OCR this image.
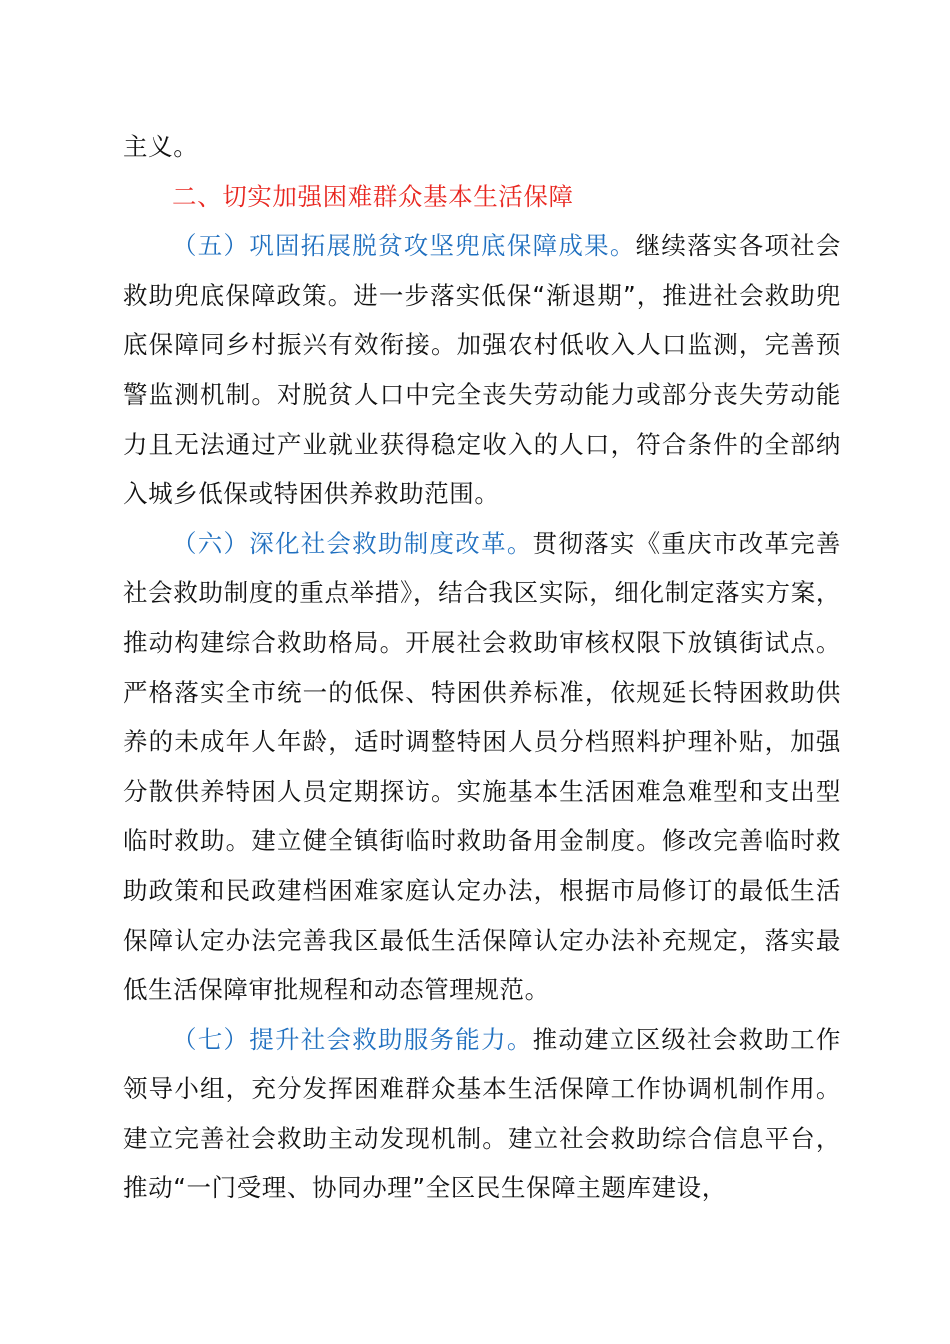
主义。

二、切实加强困难群众基本生活保障

（五）巩固拓展脱贫攻坚兜底保障成果。继续落实各项社会救助兜底保障政策。进一步落实低保“渐退期”，推进社会救助兜底保障同乡村振兴有效衔接。加强农村低收入人口监测，完善预警监测机制。对脱贫人口中完全丧失劳动能力或部分丧失劳动能力且无法通过产业就业获得稳定收入的人口，符合条件的全部纳入城乡低保或特困供养救助范围。

（六）深化社会救助制度改革。贯彻落实《重庆市改革完善社会救助制度的重点举措》，结合我区实际，细化制定落实方案，推动构建综合救助格局。开展社会救助审核权限下放镇街试点。严格落实全市统一的低保、特困供养标准，依规延长特困救助供养的未成年人年龄，适时调整特困人员分档照料护理补贴，加强分散供养特困人员定期探访。实施基本生活困难急难型和支出型临时救助。建立健全镇街临时救助备用金制度。修改完善临时救助政策和民政建档困难家庭认定办法，根据市局修订的最低生活保障认定办法完善我区最低生活保障认定办法补充规定，落实最低生活保障审批规程和动态管理规范。

（七）提升社会救助服务能力。推动建立区级社会救助工作领导小组，充分发挥困难群众基本生活保障工作协调机制作用。建立完善社会救助主动发现机制。建立社会救助综合信息平台，推动“一门受理、协同办理”全区民生保障主题库建设，
